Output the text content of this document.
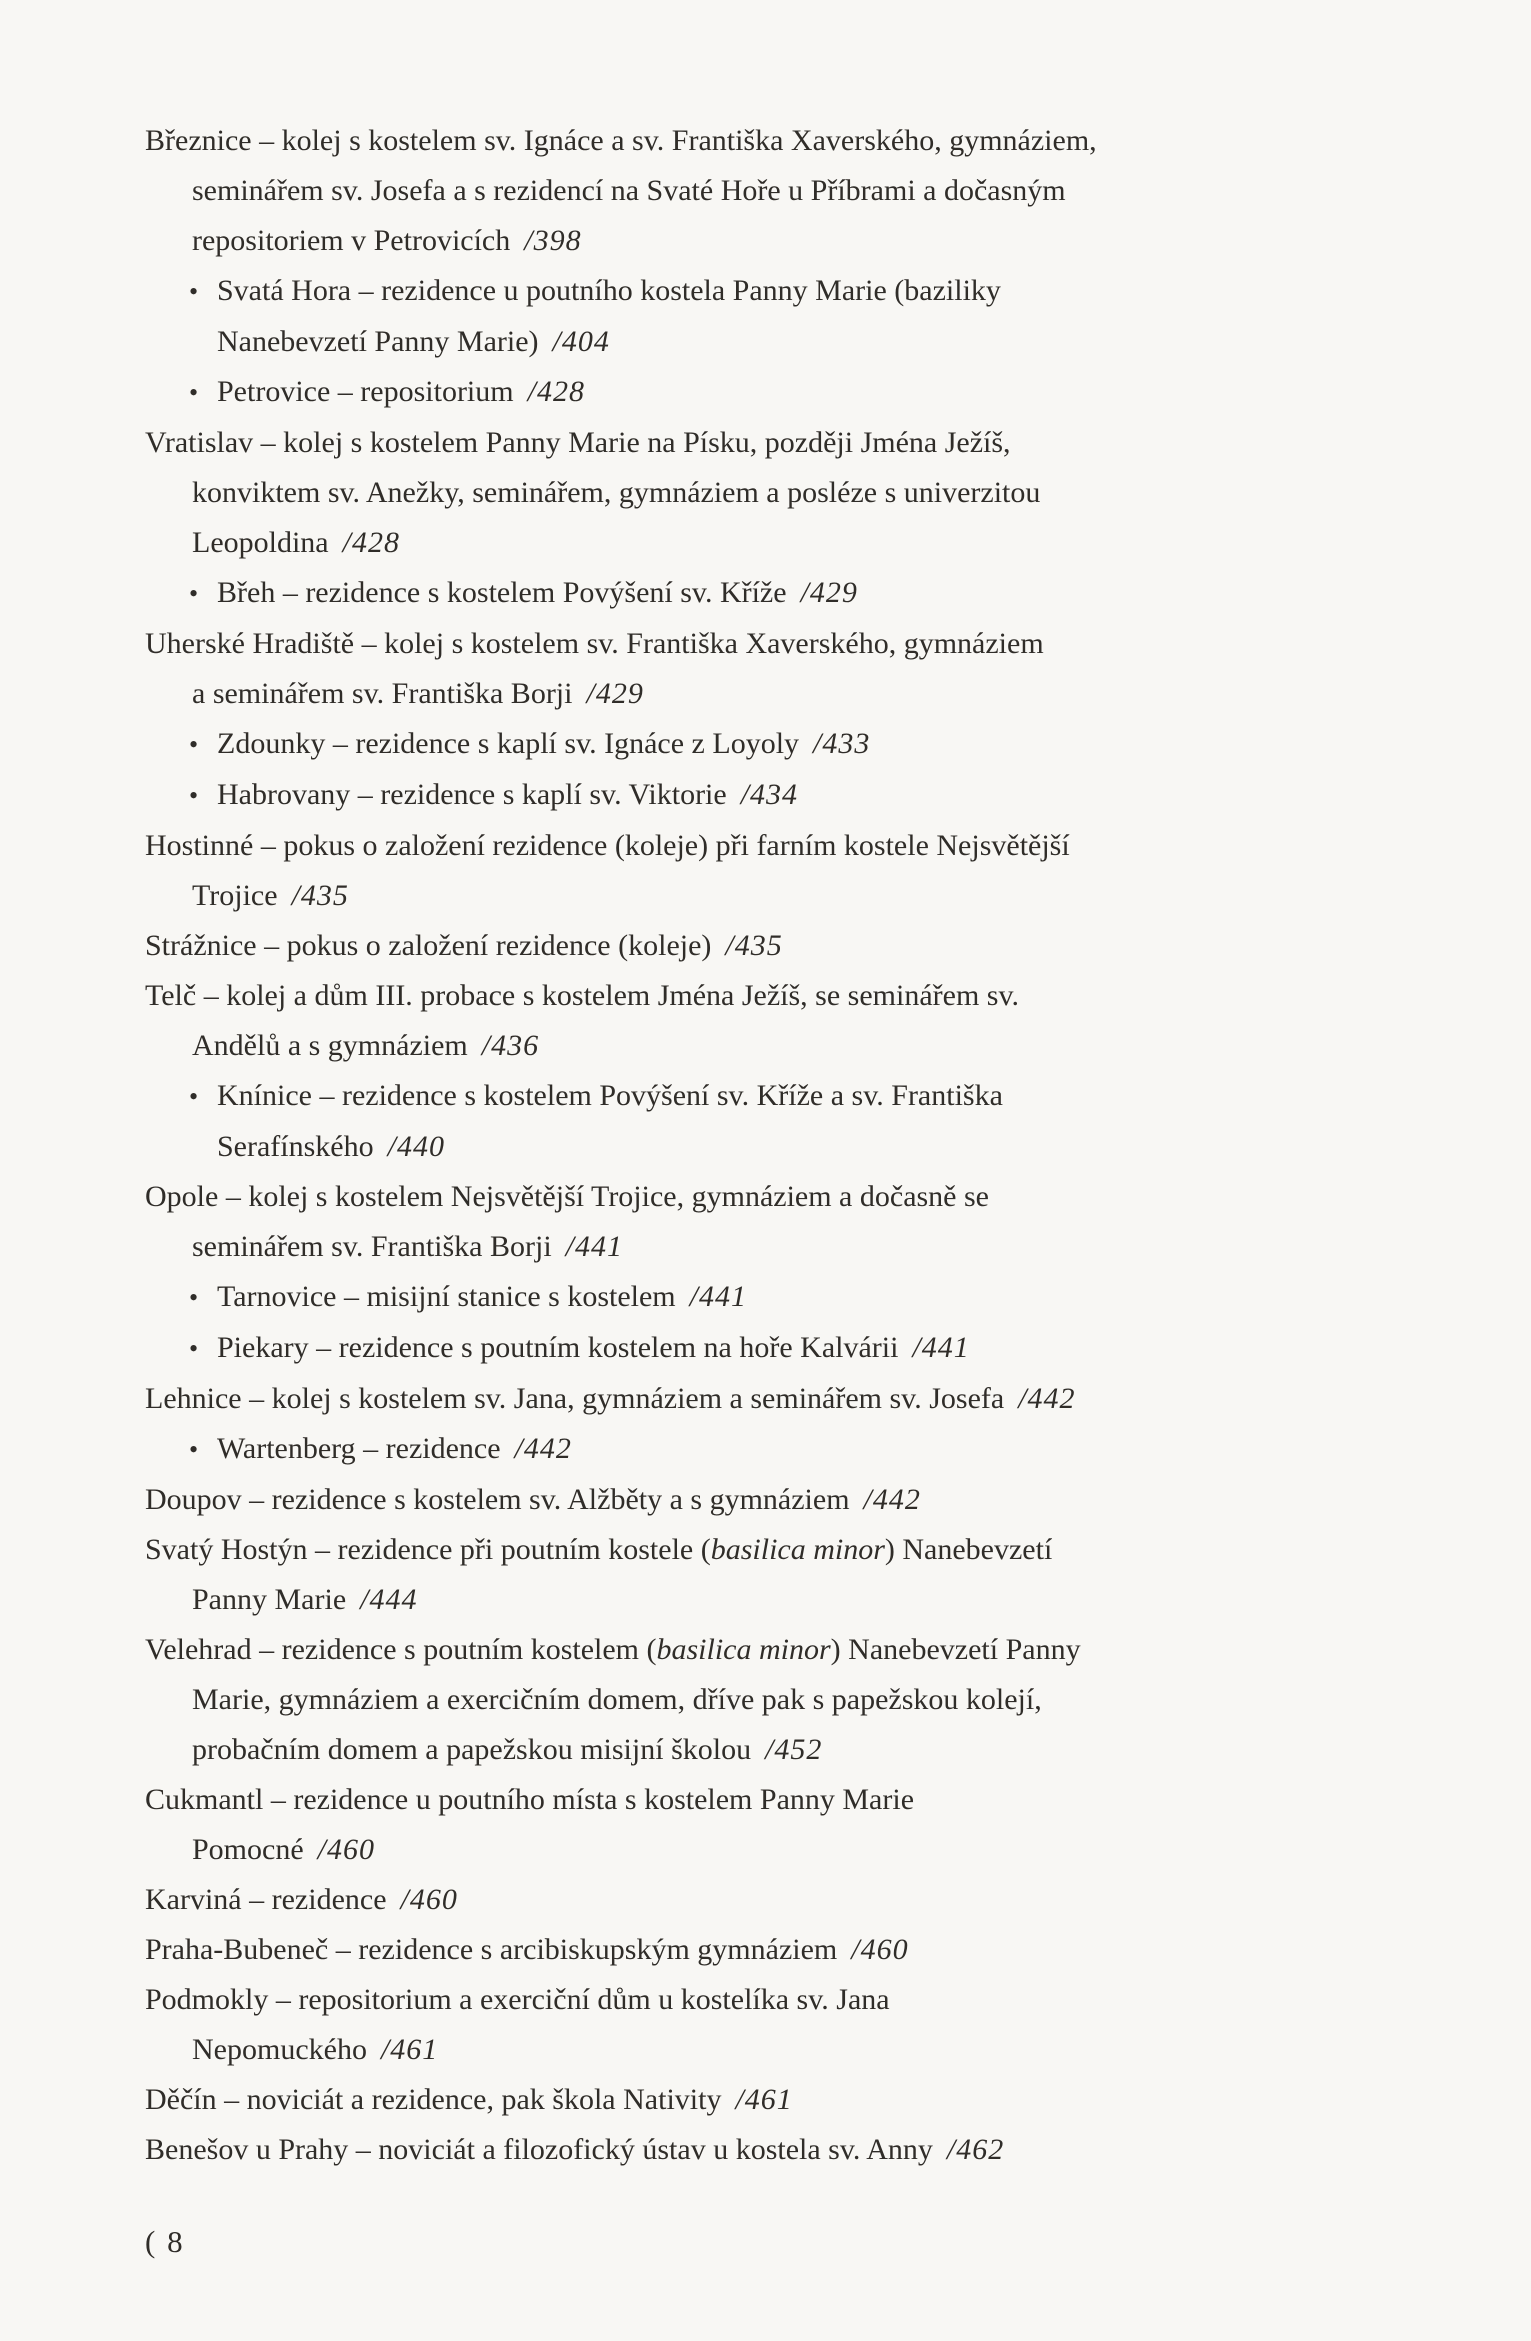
Březnice – kolej s kostelem sv. Ignáce a sv. Františka Xaverského, gymnáziem,
seminářem sv. Josefa a s rezidencí na Svaté Hoře u Příbrami a dočasným
repositoriem v Petrovicích /398
• Svatá Hora – rezidence u poutního kostela Panny Marie (baziliky
Nanebevzetí Panny Marie) /404
• Petrovice – repositorium /428
Vratislav – kolej s kostelem Panny Marie na Písku, později Jména Ježíš,
konviktem sv. Anežky, seminářem, gymnáziem a posléze s univerzitou
Leopoldina /428
• Břeh – rezidence s kostelem Povýšení sv. Kříže /429
Uherské Hradiště – kolej s kostelem sv. Františka Xaverského, gymnáziem
a seminářem sv. Františka Borji /429
• Zdounky – rezidence s kaplí sv. Ignáce z Loyoly /433
• Habrovany – rezidence s kaplí sv. Viktorie /434
Hostinné – pokus o založení rezidence (koleje) při farním kostele Nejsvětější
Trojice /435
Strážnice – pokus o založení rezidence (koleje) /435
Telč – kolej a dům III. probace s kostelem Jména Ježíš, se seminářem sv.
Andělů a s gymnáziem /436
• Knínice – rezidence s kostelem Povýšení sv. Kříže a sv. Františka
Serafínského /440
Opole – kolej s kostelem Nejsvětější Trojice, gymnáziem a dočasně se
seminářem sv. Františka Borji /441
• Tarnovice – misijní stanice s kostelem /441
• Piekary – rezidence s poutním kostelem na hoře Kalvárii /441
Lehnice – kolej s kostelem sv. Jana, gymnáziem a seminářem sv. Josefa /442
• Wartenberg – rezidence /442
Doupov – rezidence s kostelem sv. Alžběty a s gymnáziem /442
Svatý Hostýn – rezidence při poutním kostele (basilica minor) Nanebevzetí
Panny Marie /444
Velehrad – rezidence s poutním kostelem (basilica minor) Nanebevzetí Panny
Marie, gymnáziem a exercičním domem, dříve pak s papežskou kolejí,
probačním domem a papežskou misijní školou /452
Cukmantl – rezidence u poutního místa s kostelem Panny Marie
Pomocné /460
Karviná – rezidence /460
Praha-Bubeneč – rezidence s arcibiskupským gymnáziem /460
Podmokly – repositorium a exerciční dům u kostelíka sv. Jana
Nepomuckého /461
Děčín – noviciát a rezidence, pak škola Nativity /461
Benešov u Prahy – noviciát a filozofický ústav u kostela sv. Anny /462
( 8
